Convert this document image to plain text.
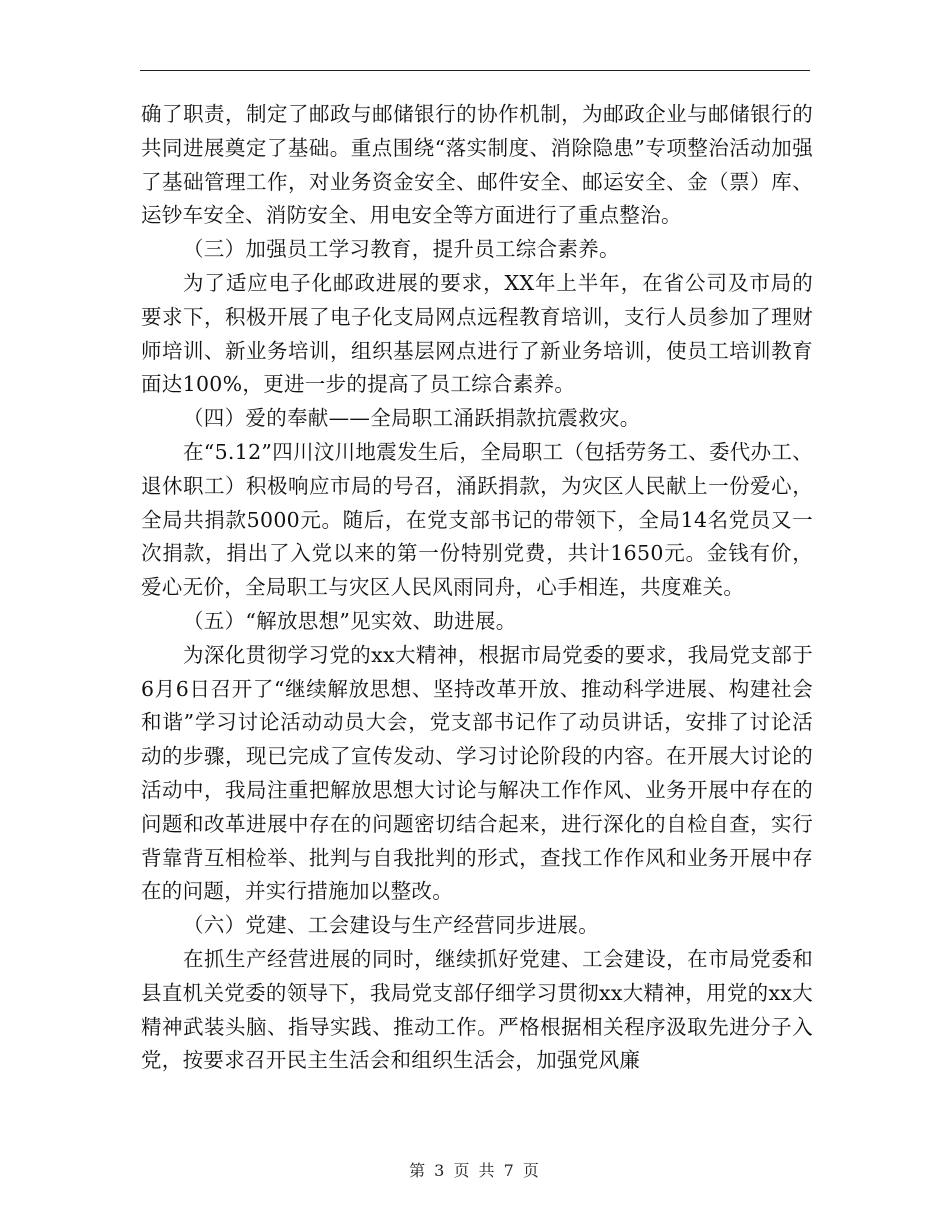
确了职责，制定了邮政与邮储银行的协作机制，为邮政企业与邮储银行的共同进展奠定了基础。重点围绕“落实制度、消除隐患”专项整治活动加强了基础管理工作，对业务资金安全、邮件安全、邮运安全、金（票）库、运钞车安全、消防安全、用电安全等方面进行了重点整治。

（三）加强员工学习教育，提升员工综合素养。

为了适应电子化邮政进展的要求，XX年上半年，在省公司及市局的要求下，积极开展了电子化支局网点远程教育培训，支行人员参加了理财师培训、新业务培训，组织基层网点进行了新业务培训，使员工培训教育面达100%，更进一步的提高了员工综合素养。

（四）爱的奉献——全局职工涌跃捐款抗震救灾。

在“5.12”四川汶川地震发生后，全局职工（包括劳务工、委代办工、退休职工）积极响应市局的号召，涌跃捐款，为灾区人民献上一份爱心，全局共捐款5000元。随后，在党支部书记的带领下，全局14名党员又一次捐款，捐出了入党以来的第一份特别党费，共计1650元。金钱有价，爱心无价，全局职工与灾区人民风雨同舟，心手相连，共度难关。

（五）“解放思想”见实效、助进展。

为深化贯彻学习党的xx大精神，根据市局党委的要求，我局党支部于6月6日召开了“继续解放思想、坚持改革开放、推动科学进展、构建社会和谐”学习讨论活动动员大会，党支部书记作了动员讲话，安排了讨论活动的步骤，现已完成了宣传发动、学习讨论阶段的内容。在开展大讨论的活动中，我局注重把解放思想大讨论与解决工作作风、业务开展中存在的问题和改革进展中存在的问题密切结合起来，进行深化的自检自查，实行背靠背互相检举、批判与自我批判的形式，查找工作作风和业务开展中存在的问题，并实行措施加以整改。

（六）党建、工会建设与生产经营同步进展。

在抓生产经营进展的同时，继续抓好党建、工会建设，在市局党委和县直机关党委的领导下，我局党支部仔细学习贯彻xx大精神，用党的xx大精神武装头脑、指导实践、推动工作。严格根据相关程序汲取先进分子入党，按要求召开民主生活会和组织生活会，加强党风廉

第 3 页 共 7 页
